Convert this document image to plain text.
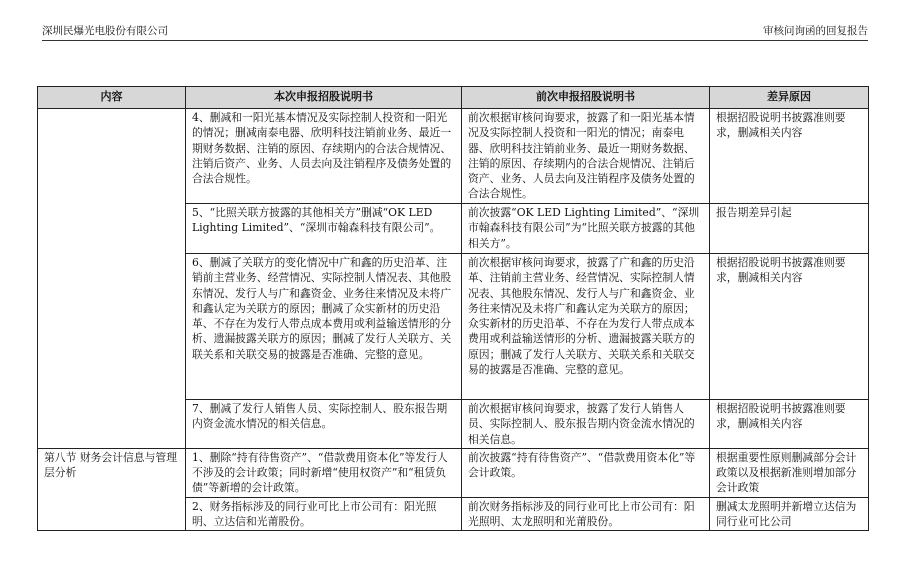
深圳民爆光电股份有限公司	审核问询函的回复报告
内容	本次申报招股说明书	前次申报招股说明书	差异原因
	4、删减和一阳光基本情况及实际控制人投资和一阳光的情况；删减南泰电器、欣明科技注销前业务、最近一期财务数据、注销的原因、存续期内的合法合规情况、注销后资产、业务、人员去向及注销程序及债务处置的合法合规性。	前次根据审核问询要求，披露了和一阳光基本情况及实际控制人投资和一阳光的情况；南泰电器、欣明科技注销前业务、最近一期财务数据、注销的原因、存续期内的合法合规情况、注销后资产、业务、人员去向及注销程序及债务处置的合法合规性。	根据招股说明书披露准则要求，删减相关内容
	5、“比照关联方披露的其他相关方”删减“OK LED Lighting Limited”、“深圳市翰森科技有限公司”。	前次披露“OK LED Lighting Limited”、“深圳市翰森科技有限公司”为“比照关联方披露的其他相关方”。	报告期差异引起
	6、删减了关联方的变化情况中广和鑫的历史沿革、注销前主营业务、经营情况、实际控制人情况表、其他股东情况、发行人与广和鑫资金、业务往来情况及未将广和鑫认定为关联方的原因；删减了众实新材的历史沿革、不存在为发行人带点成本费用或利益输送情形的分析、遗漏披露关联方的原因；删减了发行人关联方、关联关系和关联交易的披露是否准确、完整的意见。	前次根据审核问询要求，披露了广和鑫的历史沿革、注销前主营业务、经营情况、实际控制人情况表、其他股东情况、发行人与广和鑫资金、业务往来情况及未将广和鑫认定为关联方的原因；众实新材的历史沿革、不存在为发行人带点成本费用或利益输送情形的分析、遗漏披露关联方的原因；删减了发行人关联方、关联关系和关联交易的披露是否准确、完整的意见。	根据招股说明书披露准则要求，删减相关内容
	7、删减了发行人销售人员、实际控制人、股东报告期内资金流水情况的相关信息。	前次根据审核问询要求，披露了发行人销售人员、实际控制人、股东报告期内资金流水情况的相关信息。	根据招股说明书披露准则要求，删减相关内容
第八节 财务会计信息与管理层分析	1、删除“持有待售资产”、“借款费用资本化”等发行人不涉及的会计政策；同时新增“使用权资产”和“租赁负债”等新增的会计政策。	前次披露“持有待售资产”、“借款费用资本化”等会计政策。	根据重要性原则删减部分会计政策以及根据新准则增加部分会计政策
	2、财务指标涉及的同行业可比上市公司有：阳光照明、立达信和光莆股份。	前次财务指标涉及的同行业可比上市公司有：阳光照明、太龙照明和光莆股份。	删减太龙照明并新增立达信为同行业可比公司
